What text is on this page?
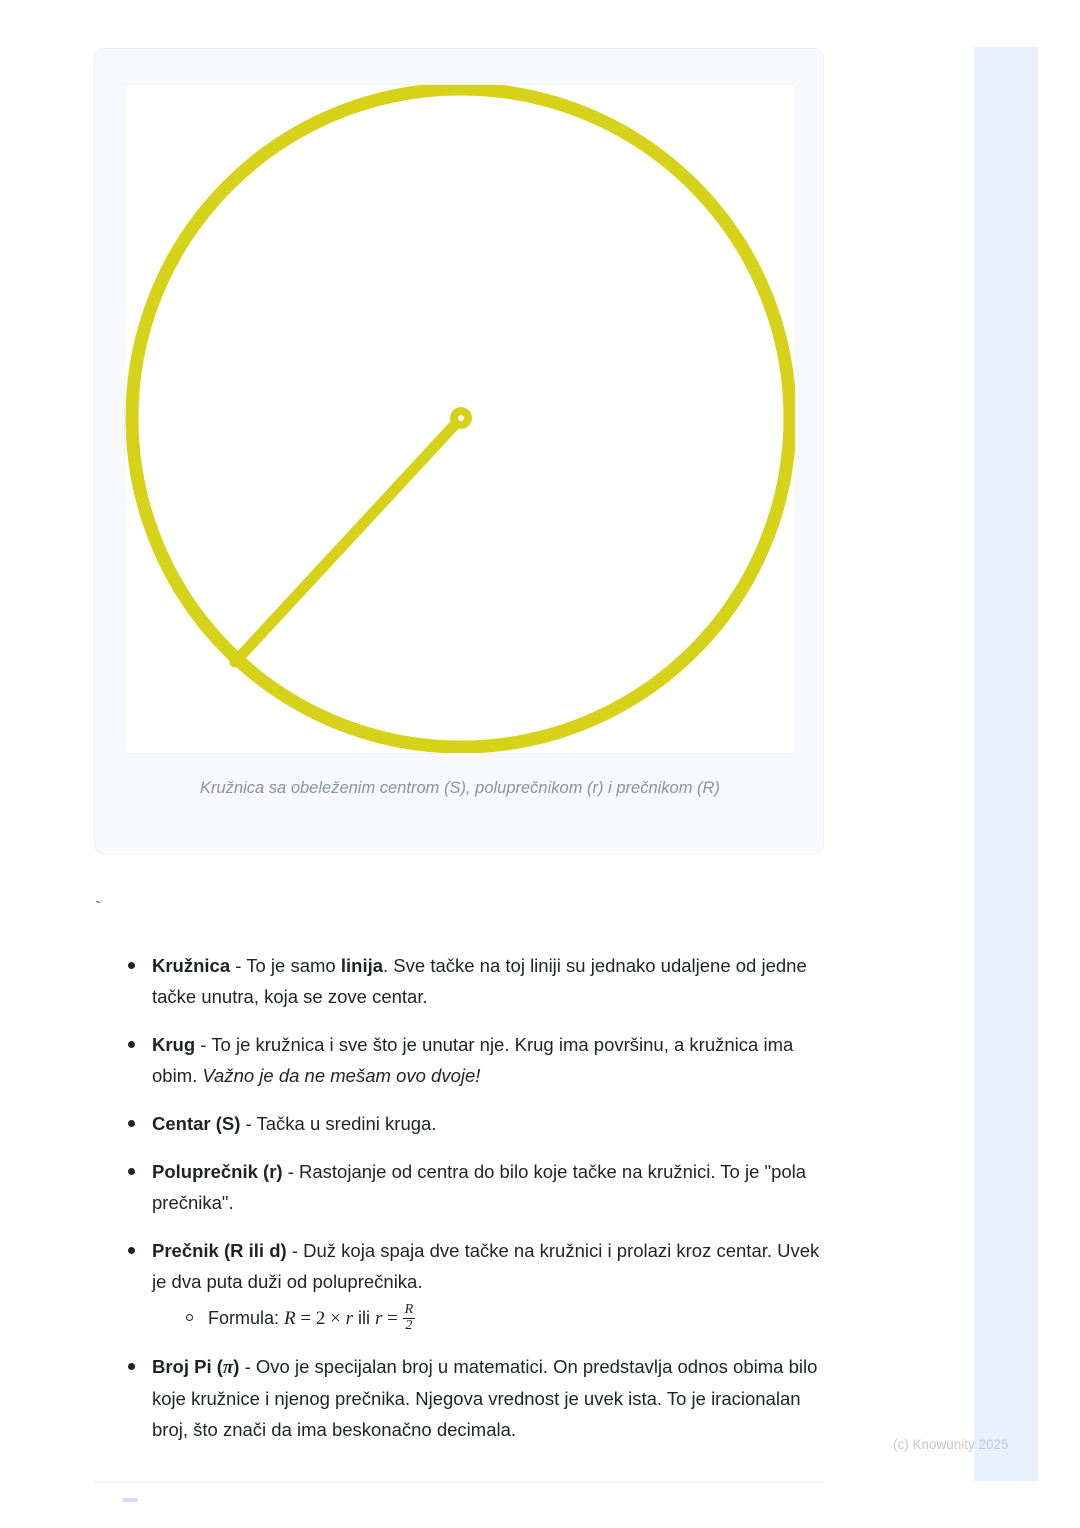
Kružnica sa obeleženim centrom (S), poluprečnikom (r) i prečnikom (R)
`
Kružnica - To je samo linija. Sve tačke na toj liniji su jednako udaljene od jedne tačke unutra, koja se zove centar.
Krug - To je kružnica i sve što je unutar nje. Krug ima površinu, a kružnica ima obim. Važno je da ne mešam ovo dvoje!
Centar (S) - Tačka u sredini kruga.
Poluprečnik (r) - Rastojanje od centra do bilo koje tačke na kružnici. To je "pola prečnika".
Prečnik (R ili d) - Duž koja spaja dve tačke na kružnici i prolazi kroz centar. Uvek je dva puta duži od poluprečnika.
Formula: R = 2 × r ili $r = \frac{R}{2}$
Broj Pi (π) - Ovo je specijalan broj u matematici. On predstavlja odnos obima bilo koje kružnice i njenog prečnika. Njegova vrednost je uvek ista. To je iracionalan broj, što znači da ima beskonačno decimala.
(c) Knowunity 2025
